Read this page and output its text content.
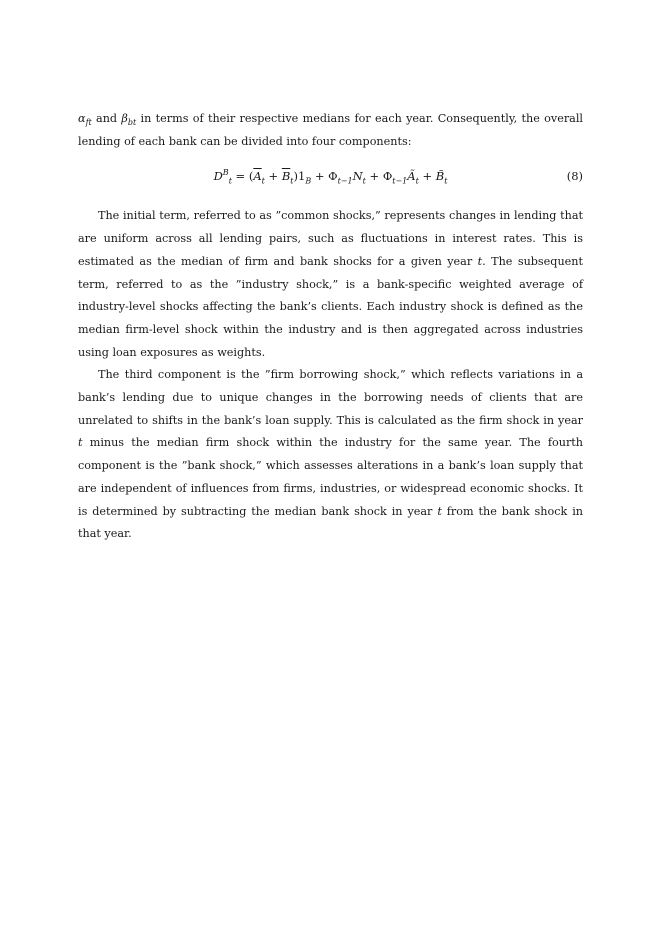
$\alpha_{ft}$ and $\beta_{bt}$ in terms of their respective medians for each year. Consequently, the overall lending of each bank can be divided into four components:

$D^B_t = (\overline{A}_t + \overline{B}_t)1_B + \Phi_{t-1}N_t$ + $\Phi_{t-1}Ã_t$ + $B̃_t$	(8)

The initial term, referred to as ”common shocks,” represents changes in lending that are uniform across all lending pairs, such as fluctuations in interest rates. This is estimated as the median of firm and bank shocks for a given year t. The subsequent term, referred to as the ”industry shock,” is a bank-specific weighted average of industry-level shocks affecting the bank’s clients. Each industry shock is defined as the median firm-level shock within the industry and is then aggregated across industries using loan exposures as weights.

The third component is the ”firm borrowing shock,” which reflects variations in a bank’s lending due to unique changes in the borrowing needs of clients that are unrelated to shifts in the bank’s loan supply. This is calculated as the firm shock in year t minus the median firm shock within the industry for the same year. The fourth component is the ”bank shock,” which assesses alterations in a bank’s loan supply that are independent of influences from firms, industries, or widespread economic shocks. It is determined by subtracting the median bank shock in year t from the bank shock in that year.
